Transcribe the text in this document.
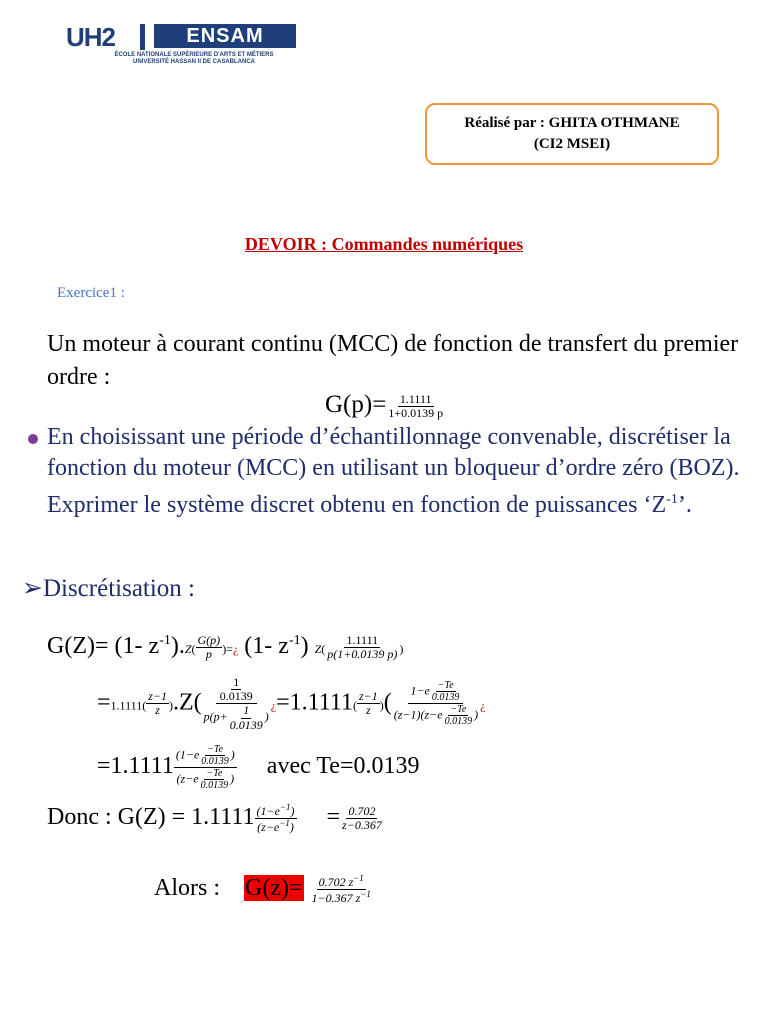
UH2	ENSAM
ÉCOLE NATIONALE SUPÉRIEURE D'ARTS ET MÉTIERS
UNIVERSITÉ HASSAN II DE CASABLANCA
Réalisé par : GHITA OTHMANE
(CI2 MSEI)
DEVOIR : Commandes numériques
Exercice1 :
Un moteur à courant continu (MCC) de fonction de transfert du premier ordre :
$G(p)= \frac{1.1111}{1+0.0139 p}$
En choisissant une période d’échantillonnage convenable, discrétiser la fonction du moteur (MCC) en utilisant un bloqueur d’ordre zéro (BOZ). Exprimer le système discret obtenu en fonction de puissances ‘$Z^{-1}$’.
➢Discrétisation :
G(Z)= (1- $z^{-1}).Z( \frac{G(p)}{p}$ )=¿ (1- $z^{-1}$) $Z( \frac{1.1111}{p(1+0.0139 p)}$ )
$=1.1111( \frac{z-1}{z} ).Z( \frac{\frac{1}{0.0139}}{p(p+ \frac{1}{0.0139} )}$ ¿$=1.1111( \frac{z-1}{z}$ )( $\frac{1-e \frac{-Te}{0.0139}}{(z-1)(z-e \frac{-Te}{0.0139} )}$ ¿
$=1.1111 \frac{(1-e \frac{-Te}{0.0139} )}{(z-e \frac{-Te}{0.0139} )}$ avec Te=0.0139
Donc : $G(Z) = 1.1111 \frac{(1-e^{-1})}{(z-e^{-1})} = \frac{0.702}{z-0.367}$
Alors : $G(z)= \frac{0.702 z^{-1}}{1-0.367 z^{-1}}$
